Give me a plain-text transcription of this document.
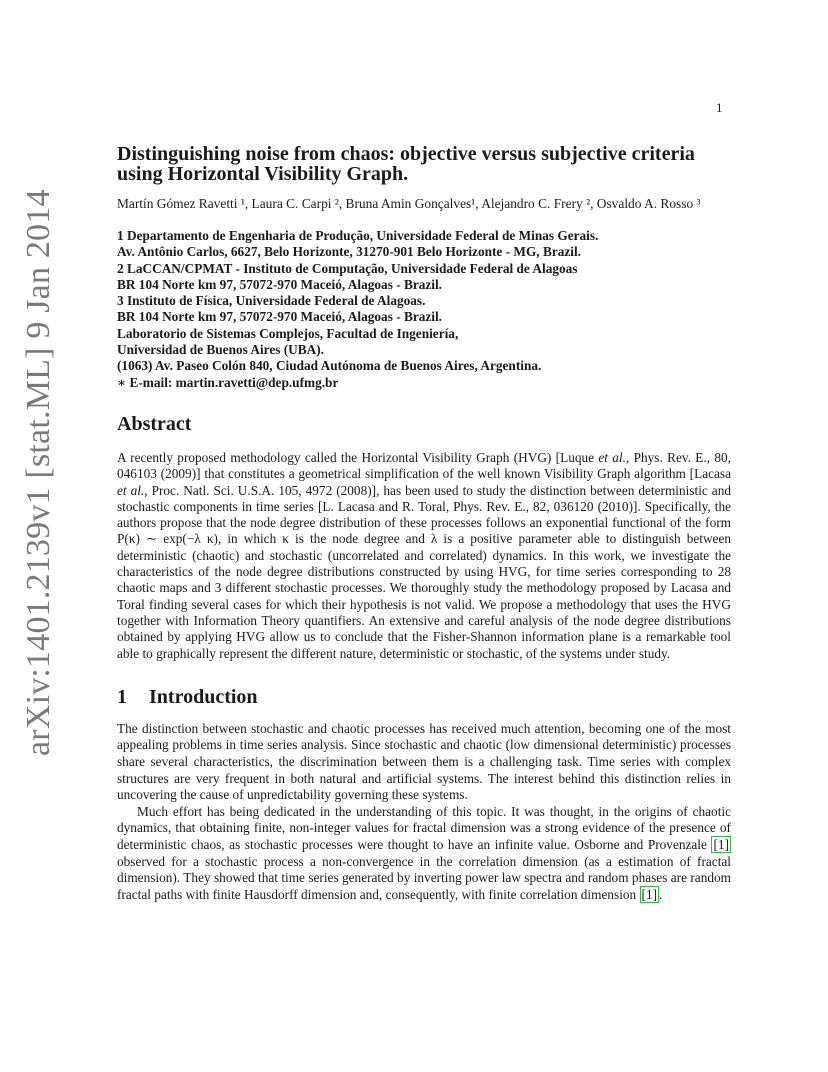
1
arXiv:1401.2139v1 [stat.ML] 9 Jan 2014
Distinguishing noise from chaos: objective versus subjective criteria using Horizontal Visibility Graph.
Martín Gómez Ravetti ¹, Laura C. Carpi ², Bruna Amin Gonçalves¹, Alejandro C. Frery ², Osvaldo A. Rosso ³
1 Departamento de Engenharia de Produção, Universidade Federal de Minas Gerais.
Av. Antônio Carlos, 6627, Belo Horizonte, 31270-901 Belo Horizonte - MG, Brazil.
2 LaCCAN/CPMAT - Instituto de Computação, Universidade Federal de Alagoas
BR 104 Norte km 97, 57072-970 Maceió, Alagoas - Brazil.
3 Instituto de Física, Universidade Federal de Alagoas.
BR 104 Norte km 97, 57072-970 Maceió, Alagoas - Brazil.
Laboratorio de Sistemas Complejos, Facultad de Ingeniería,
Universidad de Buenos Aires (UBA).
(1063) Av. Paseo Colón 840, Ciudad Autónoma de Buenos Aires, Argentina.
∗ E-mail: martin.ravetti@dep.ufmg.br
Abstract
A recently proposed methodology called the Horizontal Visibility Graph (HVG) [Luque et al., Phys. Rev. E., 80, 046103 (2009)] that constitutes a geometrical simplification of the well known Visibility Graph algorithm [Lacasa et al., Proc. Natl. Sci. U.S.A. 105, 4972 (2008)], has been used to study the distinction between deterministic and stochastic components in time series [L. Lacasa and R. Toral, Phys. Rev. E., 82, 036120 (2010)]. Specifically, the authors propose that the node degree distribution of these processes follows an exponential functional of the form P(κ) ∼ exp(−λ κ), in which κ is the node degree and λ is a positive parameter able to distinguish between deterministic (chaotic) and stochastic (uncorrelated and correlated) dynamics. In this work, we investigate the characteristics of the node degree distributions constructed by using HVG, for time series corresponding to 28 chaotic maps and 3 different stochastic processes. We thoroughly study the methodology proposed by Lacasa and Toral finding several cases for which their hypothesis is not valid. We propose a methodology that uses the HVG together with Information Theory quantifiers. An extensive and careful analysis of the node degree distributions obtained by applying HVG allow us to conclude that the Fisher-Shannon information plane is a remarkable tool able to graphically represent the different nature, deterministic or stochastic, of the systems under study.
1	Introduction

The distinction between stochastic and chaotic processes has received much attention, becoming one of the most appealing problems in time series analysis. Since stochastic and chaotic (low dimensional deterministic) processes share several characteristics, the discrimination between them is a challenging task. Time series with complex structures are very frequent in both natural and artificial systems. The interest behind this distinction relies in uncovering the cause of unpredictability governing these systems.

Much effort has being dedicated in the understanding of this topic. It was thought, in the origins of chaotic dynamics, that obtaining finite, non-integer values for fractal dimension was a strong evidence of the presence of deterministic chaos, as stochastic processes were thought to have an infinite value. Osborne and Provenzale [1] observed for a stochastic process a non-convergence in the correlation dimension (as a estimation of fractal dimension). They showed that time series generated by inverting power law spectra and random phases are random fractal paths with finite Hausdorff dimension and, consequently, with finite correlation dimension [1] .
